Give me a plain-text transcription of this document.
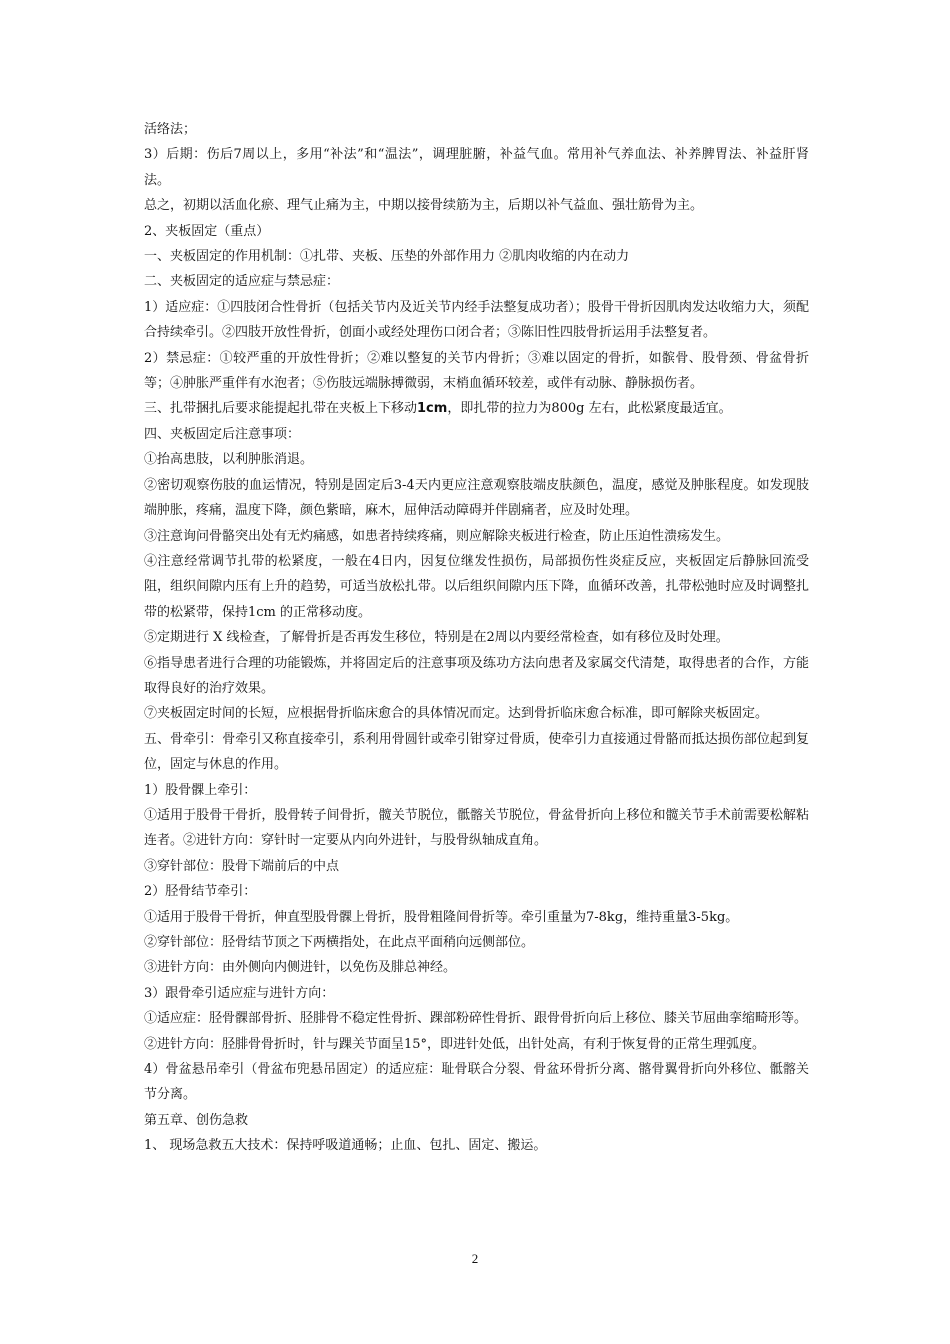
活络法；

3）后期：伤后7周以上，多用“补法”和“温法”，调理脏腑，补益气血。常用补气养血法、补养脾胃法、补益肝肾法。

总之，初期以活血化瘀、理气止痛为主，中期以接骨续筋为主，后期以补气益血、强壮筋骨为主。

2、夹板固定（重点）

一、夹板固定的作用机制：①扎带、夹板、压垫的外部作用力 ②肌肉收缩的内在动力

二、夹板固定的适应症与禁忌症：

1）适应症：①四肢闭合性骨折（包括关节内及近关节内经手法整复成功者）；股骨干骨折因肌肉发达收缩力大，须配合持续牵引。②四肢开放性骨折，创面小或经处理伤口闭合者；③陈旧性四肢骨折运用手法整复者。

2）禁忌症：①较严重的开放性骨折；②难以整复的关节内骨折；③难以固定的骨折，如髌骨、股骨颈、骨盆骨折等；④肿胀严重伴有水泡者；⑤伤肢远端脉搏微弱，末梢血循环较差，或伴有动脉、静脉损伤者。

三、扎带捆扎后要求能提起扎带在夹板上下移动1cm，即扎带的拉力为800g 左右，此松紧度最适宜。

四、夹板固定后注意事项：

①抬高患肢，以利肿胀消退。

②密切观察伤肢的血运情况，特别是固定后3-4天内更应注意观察肢端皮肤颜色，温度，感觉及肿胀程度。如发现肢端肿胀，疼痛，温度下降，颜色紫暗，麻木，屈伸活动障碍并伴剧痛者，应及时处理。

③注意询问骨骼突出处有无灼痛感，如患者持续疼痛，则应解除夹板进行检查，防止压迫性溃疡发生。

④注意经常调节扎带的松紧度，一般在4日内，因复位继发性损伤，局部损伤性炎症反应，夹板固定后静脉回流受阻，组织间隙内压有上升的趋势，可适当放松扎带。以后组织间隙内压下降，血循环改善，扎带松弛时应及时调整扎带的松紧带，保持1cm 的正常移动度。

⑤定期进行 X 线检查，了解骨折是否再发生移位，特别是在2周以内要经常检查，如有移位及时处理。

⑥指导患者进行合理的功能锻炼，并将固定后的注意事项及练功方法向患者及家属交代清楚，取得患者的合作，方能取得良好的治疗效果。

⑦夹板固定时间的长短，应根据骨折临床愈合的具体情况而定。达到骨折临床愈合标准，即可解除夹板固定。

五、骨牵引：骨牵引又称直接牵引，系利用骨圆针或牵引钳穿过骨质，使牵引力直接通过骨骼而抵达损伤部位起到复位，固定与休息的作用。

1）股骨髁上牵引：

①适用于股骨干骨折，股骨转子间骨折，髋关节脱位，骶髂关节脱位，骨盆骨折向上移位和髋关节手术前需要松解粘连者。②进针方向：穿针时一定要从内向外进针，与股骨纵轴成直角。

③穿针部位：股骨下端前后的中点

2）胫骨结节牵引：

①适用于股骨干骨折，伸直型股骨髁上骨折，股骨粗隆间骨折等。牵引重量为7-8kg，维持重量3-5kg。

②穿针部位：胫骨结节顶之下两横指处，在此点平面稍向远侧部位。

③进针方向：由外侧向内侧进针，以免伤及腓总神经。

3）跟骨牵引适应症与进针方向：

①适应症：胫骨髁部骨折、胫腓骨不稳定性骨折、踝部粉碎性骨折、跟骨骨折向后上移位、膝关节屈曲挛缩畸形等。

②进针方向：胫腓骨骨折时，针与踝关节面呈15°，即进针处低，出针处高，有利于恢复骨的正常生理弧度。

4）骨盆悬吊牵引（骨盆布兜悬吊固定）的适应症：耻骨联合分裂、骨盆环骨折分离、髂骨翼骨折向外移位、骶髂关节分离。

第五章、创伤急救

1、 现场急救五大技术：保持呼吸道通畅；止血、包扎、固定、搬运。

2
